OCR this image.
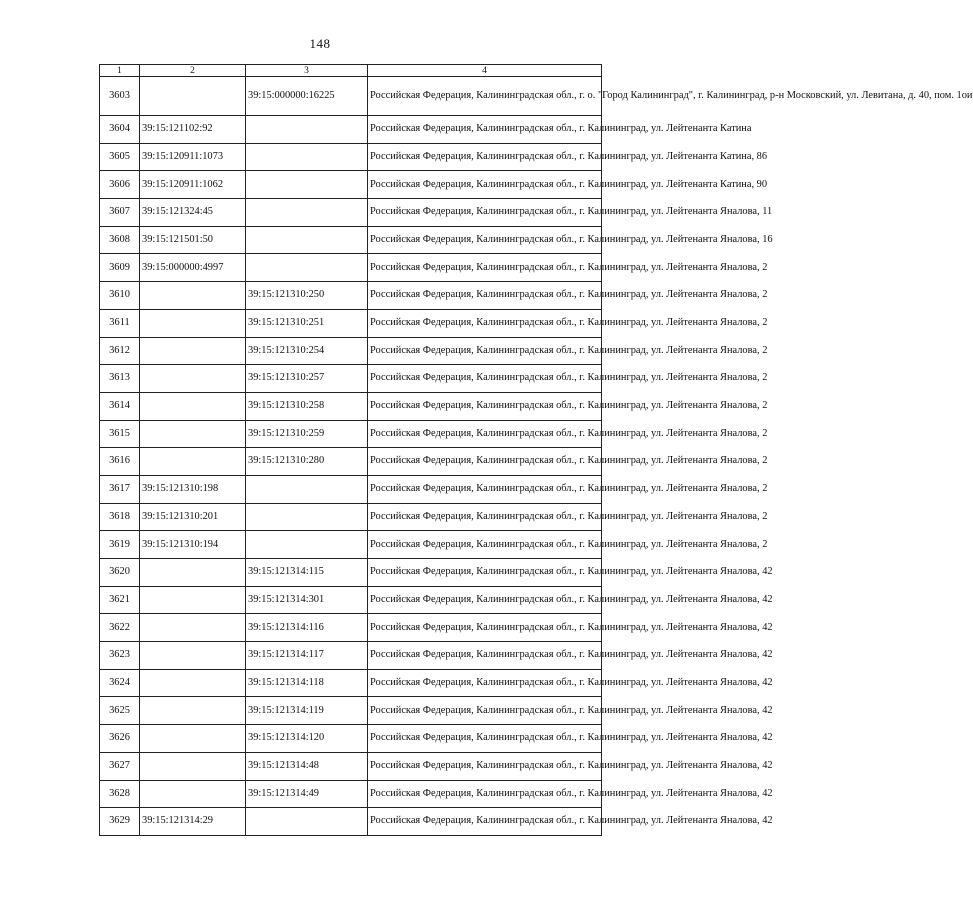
148
1	2	3	4
3603		39:15:000000:16225	Российская Федерация, Калининградская обл., г. о. "Город Калининград", г. Калининград, р-н Московский, ул. Левитана, д. 40, пом. 1ои
3604	39:15:121102:92		Российская Федерация, Калининградская обл., г. Калининград, ул. Лейтенанта Катина
3605	39:15:120911:1073		Российская Федерация, Калининградская обл., г. Калининград, ул. Лейтенанта Катина, 86
3606	39:15:120911:1062		Российская Федерация, Калининградская обл., г. Калининград, ул. Лейтенанта Катина, 90
3607	39:15:121324:45		Российская Федерация, Калининградская обл., г. Калининград, ул. Лейтенанта Яналова, 11
3608	39:15:121501:50		Российская Федерация, Калининградская обл., г. Калининград, ул. Лейтенанта Яналова, 16
3609	39:15:000000:4997		Российская Федерация, Калининградская обл., г. Калининград, ул. Лейтенанта Яналова, 2
3610		39:15:121310:250	Российская Федерация, Калининградская обл., г. Калининград, ул. Лейтенанта Яналова, 2
3611		39:15:121310:251	Российская Федерация, Калининградская обл., г. Калининград, ул. Лейтенанта Яналова, 2
3612		39:15:121310:254	Российская Федерация, Калининградская обл., г. Калининград, ул. Лейтенанта Яналова, 2
3613		39:15:121310:257	Российская Федерация, Калининградская обл., г. Калининград, ул. Лейтенанта Яналова, 2
3614		39:15:121310:258	Российская Федерация, Калининградская обл., г. Калининград, ул. Лейтенанта Яналова, 2
3615		39:15:121310:259	Российская Федерация, Калининградская обл., г. Калининград, ул. Лейтенанта Яналова, 2
3616		39:15:121310:280	Российская Федерация, Калининградская обл., г. Калининград, ул. Лейтенанта Яналова, 2
3617	39:15:121310:198		Российская Федерация, Калининградская обл., г. Калининград, ул. Лейтенанта Яналова, 2
3618	39:15:121310:201		Российская Федерация, Калининградская обл., г. Калининград, ул. Лейтенанта Яналова, 2
3619	39:15:121310:194		Российская Федерация, Калининградская обл., г. Калининград, ул. Лейтенанта Яналова, 2
3620		39:15:121314:115	Российская Федерация, Калининградская обл., г. Калининград, ул. Лейтенанта Яналова, 42
3621		39:15:121314:301	Российская Федерация, Калининградская обл., г. Калининград, ул. Лейтенанта Яналова, 42
3622		39:15:121314:116	Российская Федерация, Калининградская обл., г. Калининград, ул. Лейтенанта Яналова, 42
3623		39:15:121314:117	Российская Федерация, Калининградская обл., г. Калининград, ул. Лейтенанта Яналова, 42
3624		39:15:121314:118	Российская Федерация, Калининградская обл., г. Калининград, ул. Лейтенанта Яналова, 42
3625		39:15:121314:119	Российская Федерация, Калининградская обл., г. Калининград, ул. Лейтенанта Яналова, 42
3626		39:15:121314:120	Российская Федерация, Калининградская обл., г. Калининград, ул. Лейтенанта Яналова, 42
3627		39:15:121314:48	Российская Федерация, Калининградская обл., г. Калининград, ул. Лейтенанта Яналова, 42
3628		39:15:121314:49	Российская Федерация, Калининградская обл., г. Калининград, ул. Лейтенанта Яналова, 42
3629	39:15:121314:29		Российская Федерация, Калининградская обл., г. Калининград, ул. Лейтенанта Яналова, 42
